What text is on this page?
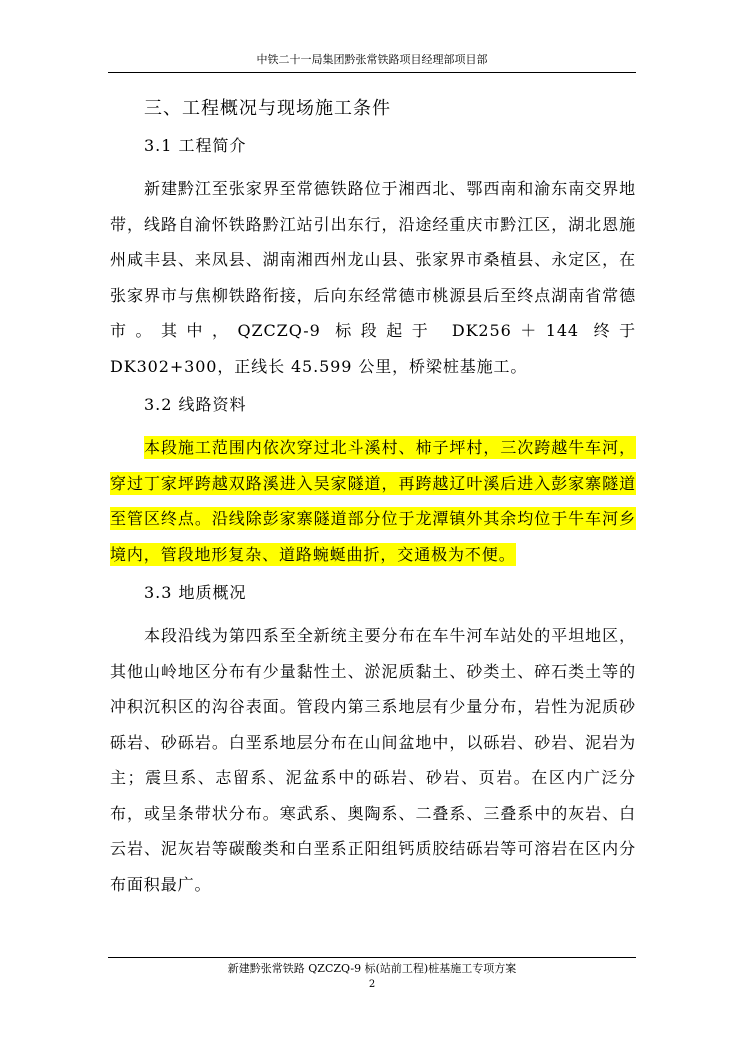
中铁二十一局集团黔张常铁路项目经理部项目部
三、工程概况与现场施工条件
3.1 工程简介

新建黔江至张家界至常德铁路位于湘西北、鄂西南和渝东南交界地带，线路自渝怀铁路黔江站引出东行，沿途经重庆市黔江区，湖北恩施州咸丰县、来凤县、湖南湘西州龙山县、张家界市桑植县、永定区，在张家界市与焦柳铁路衔接，后向东经常德市桃源县后至终点湖南省常德市。其中，QZCZQ-9 标段起于 DK256＋144 终于 DK302+300，正线长 45.599 公里，桥梁桩基施工。

3.2 线路资料

本段施工范围内依次穿过北斗溪村、柿子坪村，三次跨越牛车河，穿过丁家坪跨越双路溪进入吴家隧道，再跨越辽叶溪后进入彭家寨隧道至管区终点。沿线除彭家寨隧道部分位于龙潭镇外其余均位于牛车河乡境内，管段地形复杂、道路蜿蜒曲折，交通极为不便。

3.3 地质概况

本段沿线为第四系至全新统主要分布在车牛河车站处的平坦地区，其他山岭地区分布有少量黏性土、淤泥质黏土、砂类土、碎石类土等的冲积沉积区的沟谷表面。管段内第三系地层有少量分布，岩性为泥质砂砾岩、砂砾岩。白垩系地层分布在山间盆地中，以砾岩、砂岩、泥岩为主；震旦系、志留系、泥盆系中的砾岩、砂岩、页岩。在区内广泛分布，或呈条带状分布。寒武系、奥陶系、二叠系、三叠系中的灰岩、白云岩、泥灰岩等碳酸类和白垩系正阳组钙质胶结砾岩等可溶岩在区内分布面积最广。

新建黔张常铁路 QZCZQ-9 标(站前工程)桩基施工专项方案
2
